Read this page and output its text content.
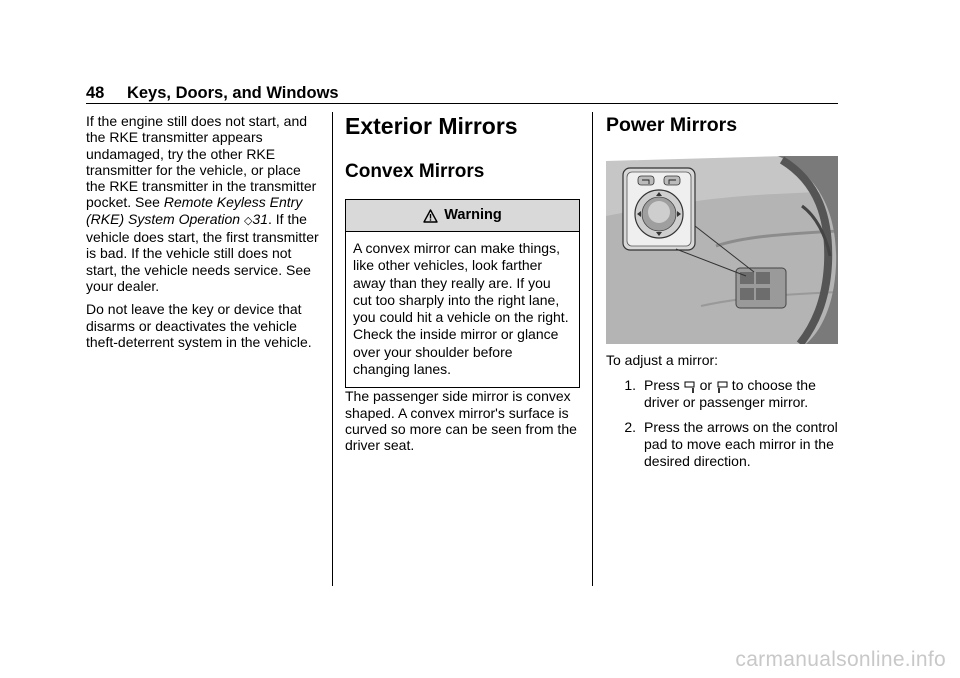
48 Keys, Doors, and Windows

If the engine still does not start, and the RKE transmitter appears undamaged, try the other RKE transmitter for the vehicle, or place the RKE transmitter in the transmitter pocket. See Remote Keyless Entry (RKE) System Operation ◇31. If the vehicle does start, the first transmitter is bad. If the vehicle still does not start, the vehicle needs service. See your dealer.

Do not leave the key or device that disarms or deactivates the vehicle theft-deterrent system in the vehicle.

Exterior Mirrors
Convex Mirrors
Warning
A convex mirror can make things, like other vehicles, look farther away than they really are. If you cut too sharply into the right lane, you could hit a vehicle on the right. Check the inside mirror or glance over your shoulder before changing lanes.

The passenger side mirror is convex shaped. A convex mirror's surface is curved so more can be seen from the driver seat.

Power Mirrors

To adjust a mirror:

1. Press  or  to choose the driver or passenger mirror.
2. Press the arrows on the control pad to move each mirror in the desired direction.
carmanualsonline.info
